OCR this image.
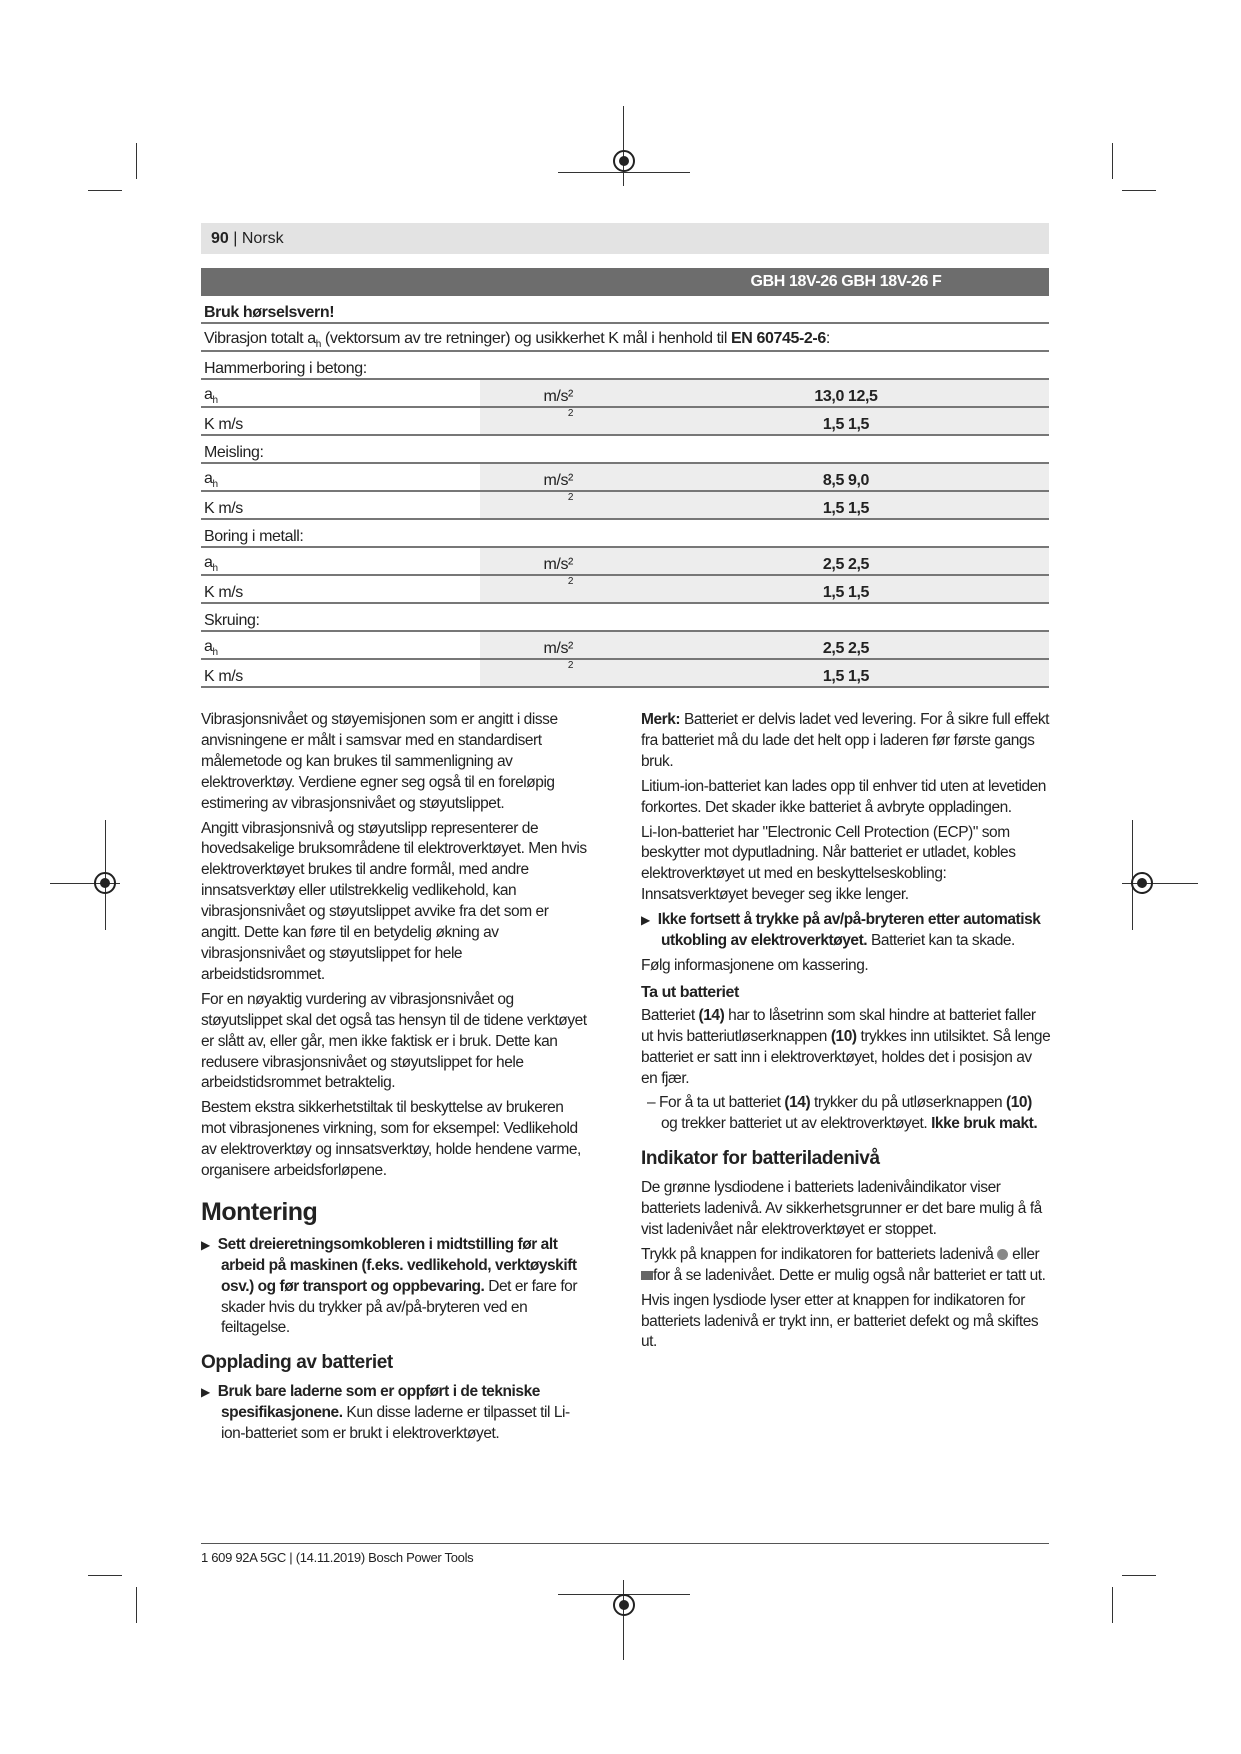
90 | Norsk
		GBH 18V-26 GBH 18V-26 F
Bruk hørselsvern!		
Vibrasjon totalt $a_h$ (vektorsum av tre retninger) og usikkerhet K mål i henhold til EN 60745-2-6:		
Hammerboring i betong:		
$a_h$	m/s²	13,0 12,5
K m/s	2	1,5 1,5
Meisling:		
$a_h$	m/s²	8,5 9,0
K m/s	2	1,5 1,5
Boring i metall:		
$a_h$	m/s²	2,5 2,5
K m/s	2	1,5 1,5
Skruing:		
$a_h$	m/s²	2,5 2,5
K m/s	2	1,5 1,5

Vibrasjonsnivået og støyemisjonen som er angitt i disse anvisningene er målt i samsvar med en standardisert målemetode og kan brukes til sammenligning av elektroverktøy. Verdiene egner seg også til en foreløpig estimering av vibrasjonsnivået og støyutslippet.

Angitt vibrasjonsnivå og støyutslipp representerer de hovedsakelige bruksområdene til elektroverktøyet. Men hvis elektroverktøyet brukes til andre formål, med andre innsatsverktøy eller utilstrekkelig vedlikehold, kan vibrasjonsnivået og støyutslippet avvike fra det som er angitt. Dette kan føre til en betydelig økning av vibrasjonsnivået og støyutslippet for hele arbeidstidsrommet.

For en nøyaktig vurdering av vibrasjonsnivået og støyutslippet skal det også tas hensyn til de tidene verktøyet er slått av, eller går, men ikke faktisk er i bruk. Dette kan redusere vibrasjonsnivået og støyutslippet for hele arbeidstidsrommet betraktelig.

Bestem ekstra sikkerhetstiltak til beskyttelse av brukeren mot vibrasjonenes virkning, som for eksempel: Vedlikehold av elektroverktøy og innsatsverktøy, holde hendene varme, organisere arbeidsforløpene.

Montering

▶ Sett dreieretningsomkobleren i midtstilling før alt arbeid på maskinen (f.eks. vedlikehold, verktøyskift osv.) og før transport og oppbevaring. Det er fare for skader hvis du trykker på av/på-bryteren ved en feiltagelse.

Opplading av batteriet

▶ Bruk bare laderne som er oppført i de tekniske spesifikasjonene. Kun disse laderne er tilpasset til Li-ion-batteriet som er brukt i elektroverktøyet.

Merk: Batteriet er delvis ladet ved levering. For å sikre full effekt fra batteriet må du lade det helt opp i laderen før første gangs bruk.

Litium-ion-batteriet kan lades opp til enhver tid uten at levetiden forkortes. Det skader ikke batteriet å avbryte oppladingen.

Li-Ion-batteriet har "Electronic Cell Protection (ECP)" som beskytter mot dyputladning. Når batteriet er utladet, kobles elektroverktøyet ut med en beskyttelseskobling: Innsatsverktøyet beveger seg ikke lenger.

▶ Ikke fortsett å trykke på av/på-bryteren etter automatisk utkobling av elektroverktøyet. Batteriet kan ta skade.

Følg informasjonene om kassering.

Ta ut batteriet

Batteriet (14) har to låsetrinn som skal hindre at batteriet faller ut hvis batteriutløserknappen (10) trykkes inn utilsiktet. Så lenge batteriet er satt inn i elektroverktøyet, holdes det i posisjon av en fjær.

– For å ta ut batteriet (14) trykker du på utløserknappen (10) og trekker batteriet ut av elektroverktøyet. Ikke bruk makt.

Indikator for batteriladenivå

De grønne lysdiodene i batteriets ladenivåindikator viser batteriets ladenivå. Av sikkerhetsgrunner er det bare mulig å få vist ladenivået når elektroverktøyet er stoppet.

Trykk på knappen for indikatoren for batteriets ladenivå  eller for å se ladenivået. Dette er mulig også når batteriet er tatt ut.

Hvis ingen lysdiode lyser etter at knappen for indikatoren for batteriets ladenivå er trykt inn, er batteriet defekt og må skiftes ut.

1 609 92A 5GC | (14.11.2019) Bosch Power Tools
